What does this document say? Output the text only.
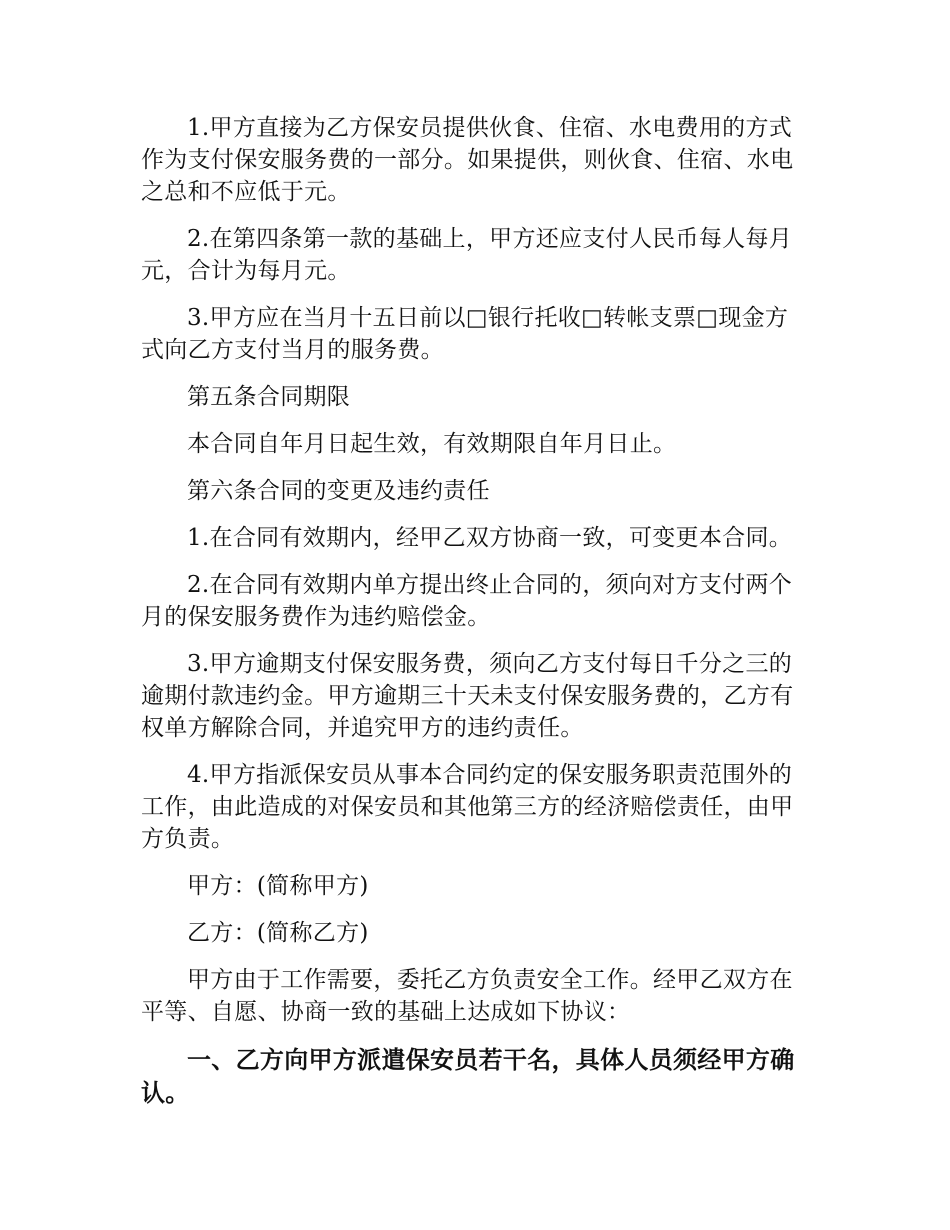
1.甲方直接为乙方保安员提供伙食、住宿、水电费用的方式作为支付保安服务费的一部分。如果提供，则伙食、住宿、水电之总和不应低于元。

2.在第四条第一款的基础上，甲方还应支付人民币每人每月元，合计为每月元。

3.甲方应在当月十五日前以□银行托收□转帐支票□现金方式向乙方支付当月的服务费。

第五条合同期限

本合同自年月日起生效，有效期限自年月日止。

第六条合同的变更及违约责任

1.在合同有效期内，经甲乙双方协商一致，可变更本合同。

2.在合同有效期内单方提出终止合同的，须向对方支付两个月的保安服务费作为违约赔偿金。

3.甲方逾期支付保安服务费，须向乙方支付每日千分之三的逾期付款违约金。甲方逾期三十天未支付保安服务费的，乙方有权单方解除合同，并追究甲方的违约责任。

4.甲方指派保安员从事本合同约定的保安服务职责范围外的工作，由此造成的对保安员和其他第三方的经济赔偿责任，由甲方负责。

甲方：(简称甲方)

乙方：(简称乙方)

甲方由于工作需要，委托乙方负责安全工作。经甲乙双方在平等、自愿、协商一致的基础上达成如下协议：

一、乙方向甲方派遣保安员若干名，具体人员须经甲方确认。
